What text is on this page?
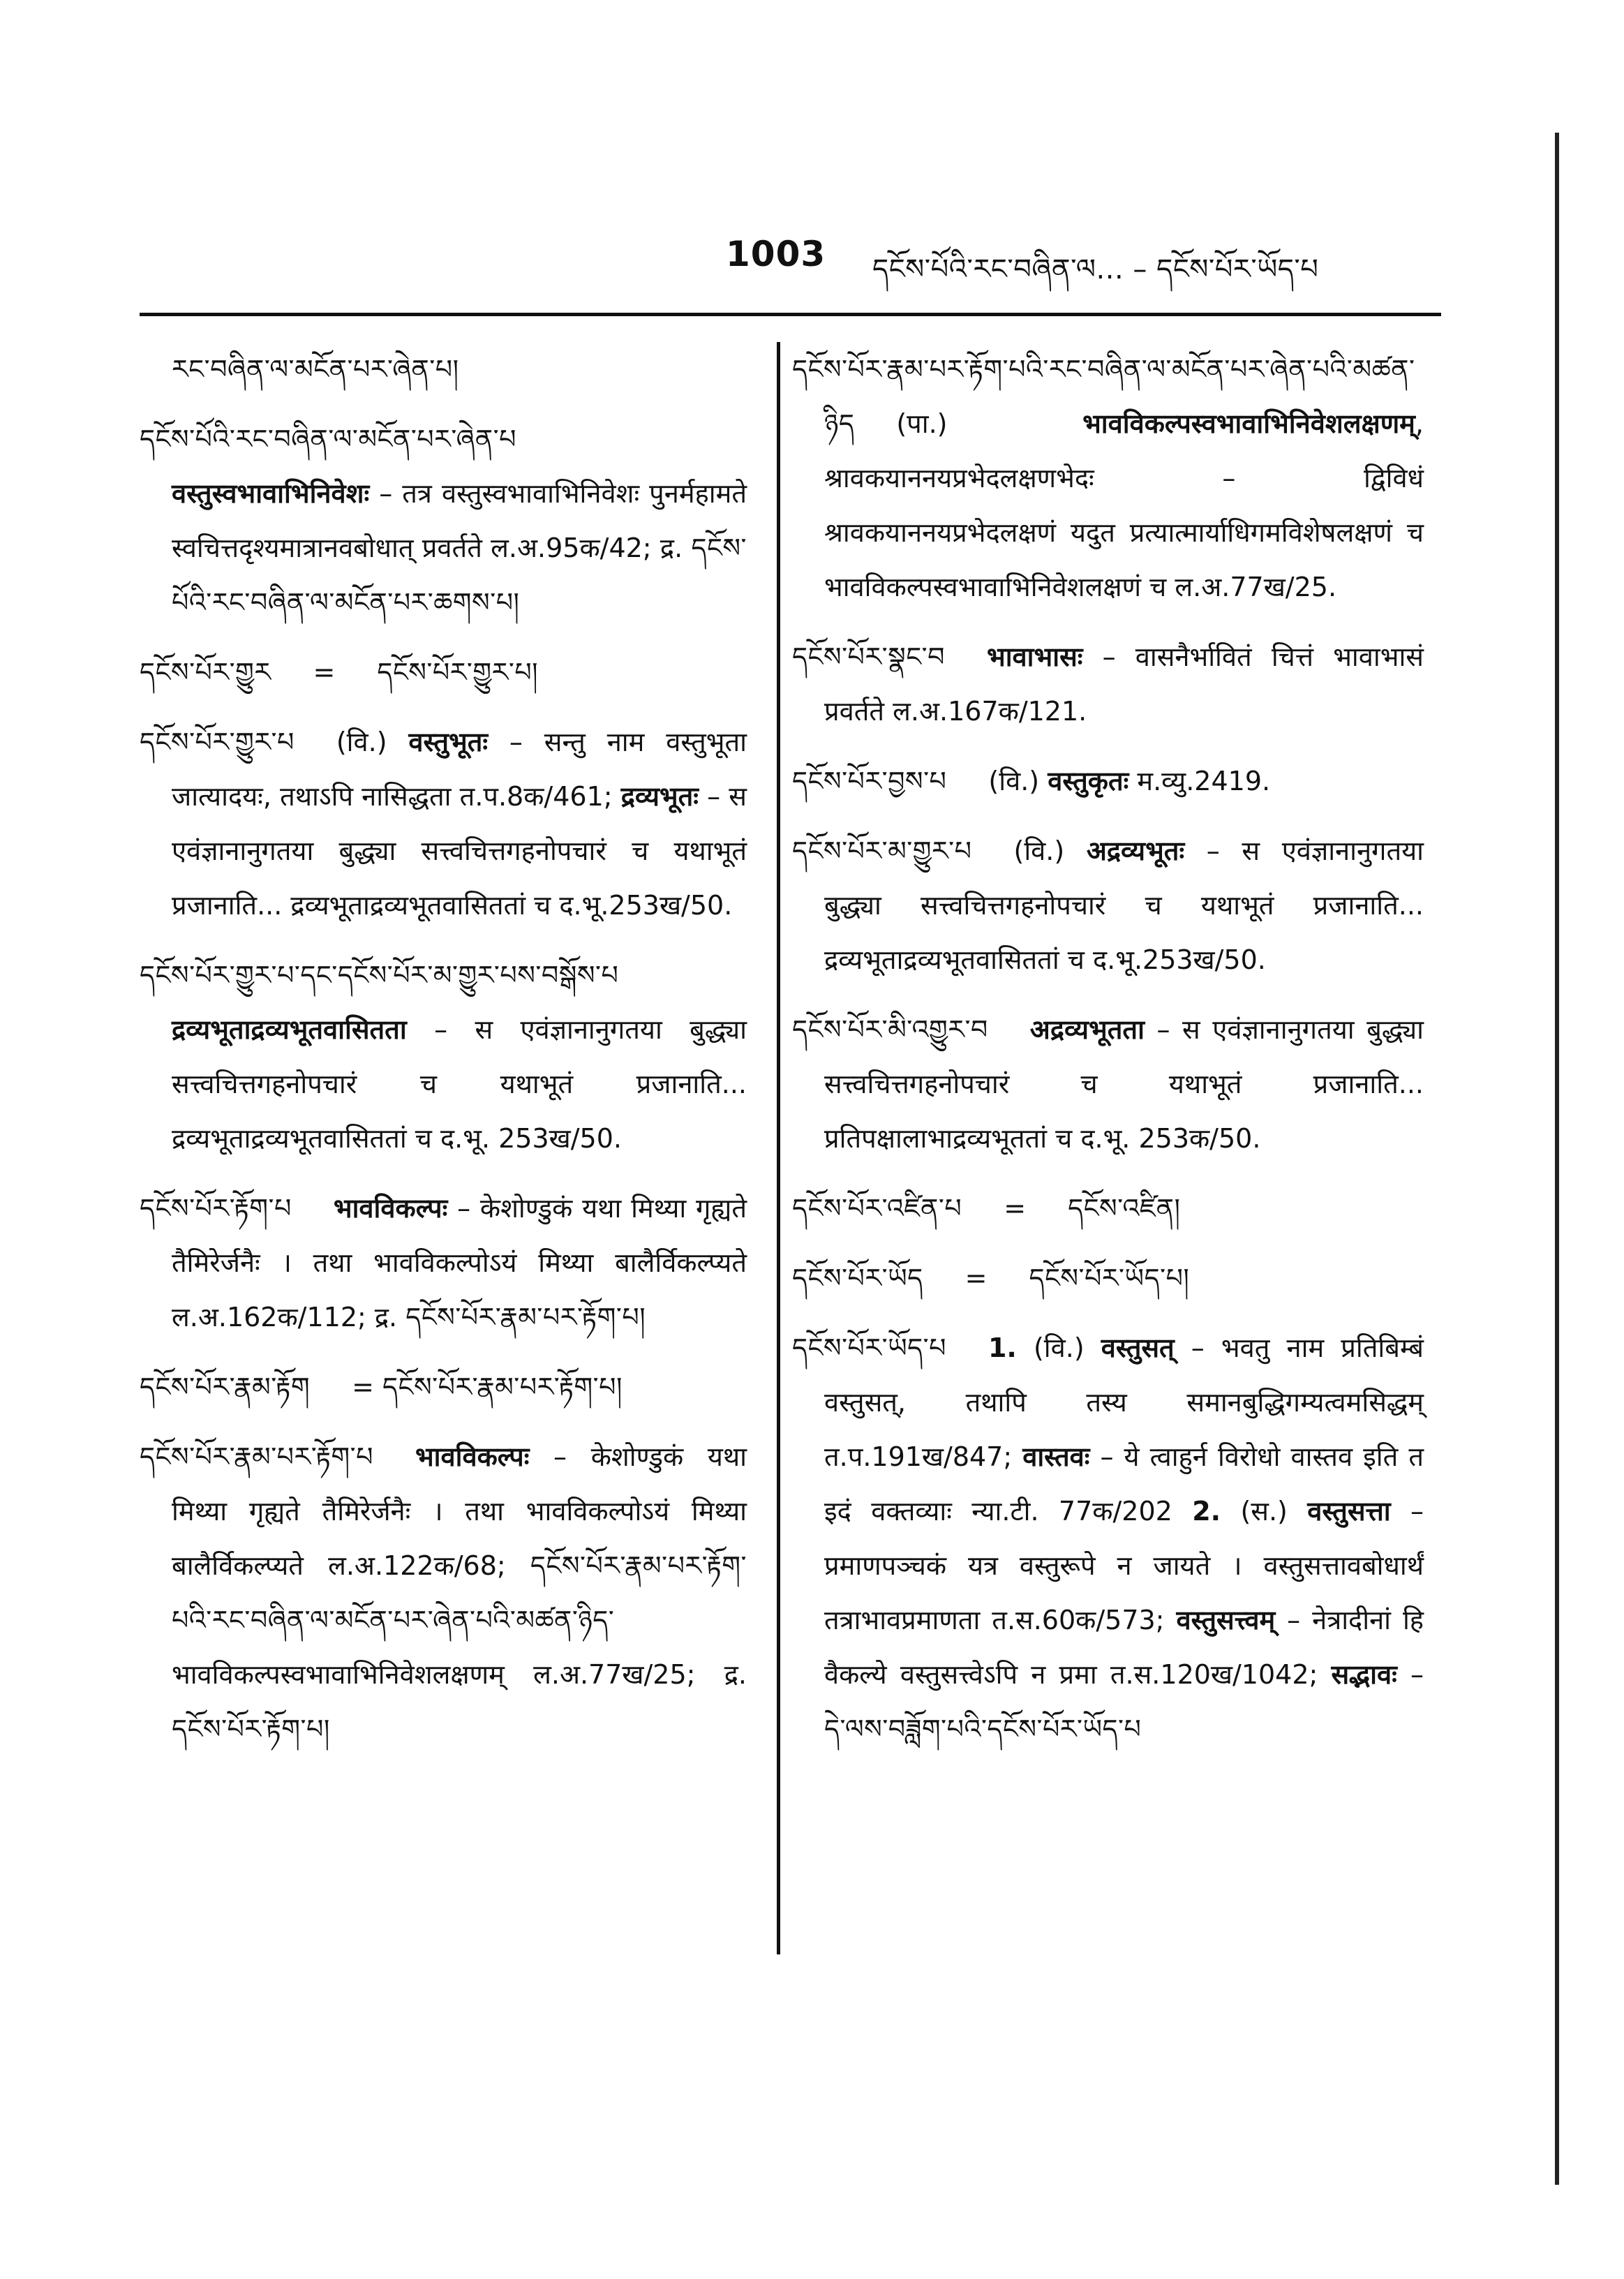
1003 དངོས་པོའི་རང་བཞིན་ལ... – དངོས་པོར་ཡོད་པ

རང་བཞིན་ལ་མངོན་པར་ཞེན་པ།

དངོས་པོའི་རང་བཞིན་ལ་མངོན་པར་ཞེན་པवस्तुस्वभावाभिनिवेशः – तत्र वस्तुस्वभावाभिनिवेशः पुनर्महामते स्वचित्तदृश्यमात्रानवबोधात् प्रवर्तते ल.अ.95क/42; द्र. དངོས་པོའི་རང་བཞིན་ལ་མངོན་པར་ཆགས་པ།

དངོས་པོར་གྱུར = དངོས་པོར་གྱུར་པ།

དངོས་པོར་གྱུར་པ (वि.) वस्तुभूतः – सन्तु नाम वस्तुभूता जात्यादयः, तथाऽपि नासिद्धता त.प.8क/461; द्रव्यभूतः – स एवंज्ञानानुगतया बुद्ध्या सत्त्वचित्तगहनोपचारं च यथाभूतं प्रजानाति... द्रव्यभूताद्रव्यभूतवासिततां च द.भू.253ख/50.

དངོས་པོར་གྱུར་པ་དང་དངོས་པོར་མ་གྱུར་པས་བསྒོས་པ द्रव्यभूताद्रव्यभूतवासितता – स एवंज्ञानानुगतया बुद्ध्या सत्त्वचित्तगहनोपचारं च यथाभूतं प्रजानाति... द्रव्यभूताद्रव्यभूतवासिततां च द.भू. 253ख/50.

དངོས་པོར་རྟོག་པ भावविकल्पः – केशोण्डुकं यथा मिथ्या गृह्यते तैमिरेर्जनैः । तथा भावविकल्पोऽयं मिथ्या बालैर्विकल्प्यते ल.अ.162क/112; द्र. དངོས་པོར་རྣམ་པར་རྟོག་པ།

དངོས་པོར་རྣམ་རྟོག = དངོས་པོར་རྣམ་པར་རྟོག་པ།

དངོས་པོར་རྣམ་པར་རྟོག་པ भावविकल्पः – केशोण्डुकं यथा मिथ्या गृह्यते तैमिरेर्जनैः । तथा भावविकल्पोऽयं मिथ्या बालैर्विकल्प्यते ल.अ.122क/68; དངོས་པོར་རྣམ་པར་རྟོག་པའི་རང་བཞིན་ལ་མངོན་པར་ཞེན་པའི་མཚན་ཉིད་ भावविकल्पस्वभावाभिनिवेशलक्षणम् ल.अ.77ख/25; द्र. དངོས་པོར་རྟོག་པ།

དངོས་པོར་རྣམ་པར་རྟོག་པའི་རང་བཞིན་ལ་མངོན་པར་ཞེན་པའི་མཚན་ཉིད (पा.) भावविकल्पस्वभावाभिनिवेशलक्षणम्, श्रावकयाननयप्रभेदलक्षणभेदः – द्विविधं श्रावकयाननयप्रभेदलक्षणं यदुत प्रत्यात्मार्याधिगमविशेषलक्षणं च भावविकल्पस्वभावाभिनिवेशलक्षणं च ल.अ.77ख/25.

དངོས་པོར་སྣང་བ भावाभासः – वासनैर्भावितं चित्तं भावाभासं प्रवर्तते ल.अ.167क/121.

དངོས་པོར་བྱས་པ (वि.) वस्तुकृतः म.व्यु.2419.

དངོས་པོར་མ་གྱུར་པ (वि.) अद्रव्यभूतः – स एवंज्ञानानुगतया बुद्ध्या सत्त्वचित्तगहनोपचारं च यथाभूतं प्रजानाति... द्रव्यभूताद्रव्यभूतवासिततां च द.भू.253ख/50.

དངོས་པོར་མི་འགྱུར་བ अद्रव्यभूतता – स एवंज्ञानानुगतया बुद्ध्या सत्त्वचित्तगहनोपचारं च यथाभूतं प्रजानाति... प्रतिपक्षालाभाद्रव्यभूततां च द.भू. 253क/50.

དངོས་པོར་འཛིན་པ = དངོས་འཛིན།

དངོས་པོར་ཡོད = དངོས་པོར་ཡོད་པ།

དངོས་པོར་ཡོད་པ 1. (वि.) वस्तुसत् – भवतु नाम प्रतिबिम्बं वस्तुसत्, तथापि तस्य समानबुद्धिगम्यत्वमसिद्धम् त.प.191ख/847; वास्तवः – ये त्वाहुर्न विरोधो वास्तव इति त इदं वक्तव्याः न्या.टी. 77क/202 2. (स.) वस्तुसत्ता – प्रमाणपञ्चकं यत्र वस्तुरूपे न जायते । वस्तुसत्तावबोधार्थं तत्राभावप्रमाणता त.स.60क/573; वस्तुसत्त्वम् – नेत्रादीनां हि वैकल्ये वस्तुसत्त्वेऽपि न प्रमा त.स.120ख/1042; सद्भावः – དེ་ལས་བཟློག་པའི་དངོས་པོར་ཡོད་པ
